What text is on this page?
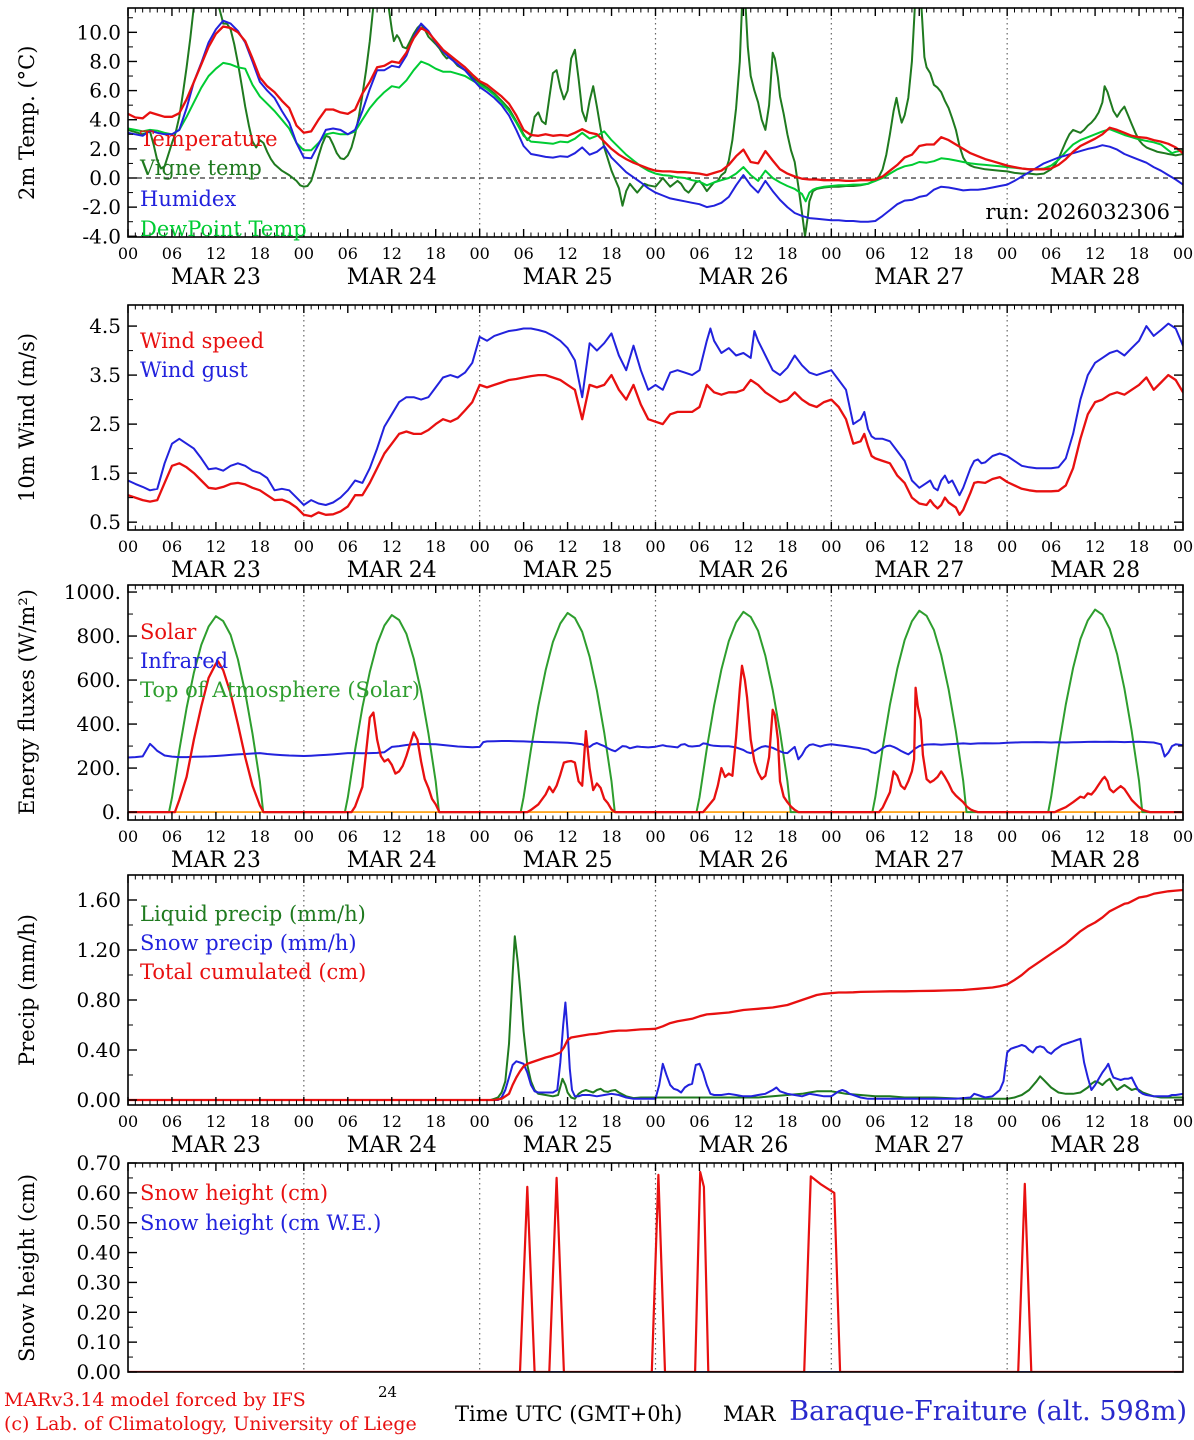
-4.0
-2.0
0.0
2.0
4.0
6.0
8.0
10.0
00 06 12 18 00 06 12 18 00 06 12 18 00 06 12 18 00 06 12 18 00 06 12 18 00
MAR 23	MAR 24	MAR 25	MAR 26	MAR 27	MAR 28
0.5
1.5
2.5
3.5
4.5
00 06 12 18 00 06 12 18 00 06 12 18 00 06 12 18 00 06 12 18 00 06 12 18 00
MAR 23	MAR 24	MAR 25	MAR 26	MAR 27	MAR 28
0.
200.
400.
600.
800.
1000.
00 06 12 18 00 06 12 18 00 06 12 18 00 06 12 18 00 06 12 18 00 06 12 18 00
MAR 23	MAR 24	MAR 25	MAR 26	MAR 27	MAR 28
0.00
0.40
0.80
1.20
1.60
00 06 12 18 00 06 12 18 00 06 12 18 00 06 12 18 00 06 12 18 00 06 12 18 00
MAR 23	MAR 24	MAR 25	MAR 26	MAR 27	MAR 28
0.00
0.10
0.20
0.30
0.40
0.50
0.60
0.70
2m Temp. (°C)
10m Wind (m/s)
Energy fluxes (W/m²)
Precip (mm/h)
Snow height (cm)
Temperature
Vigne temp
Humidex
DewPoint Temp
run: 2026032306
Wind speed
Wind gust
Solar
Infrared
Top of Atmosphere (Solar)
Liquid precip (mm/h)
Snow precip (mm/h)
Total cumulated (cm)
Snow height (cm)
Snow height (cm W.E.)
24
MARv3.14 model forced by IFS
(c) Lab. of Climatology, University of Liege Time UTC (GMT+0h) MAR Baraque-Fraiture (alt. 598m)
